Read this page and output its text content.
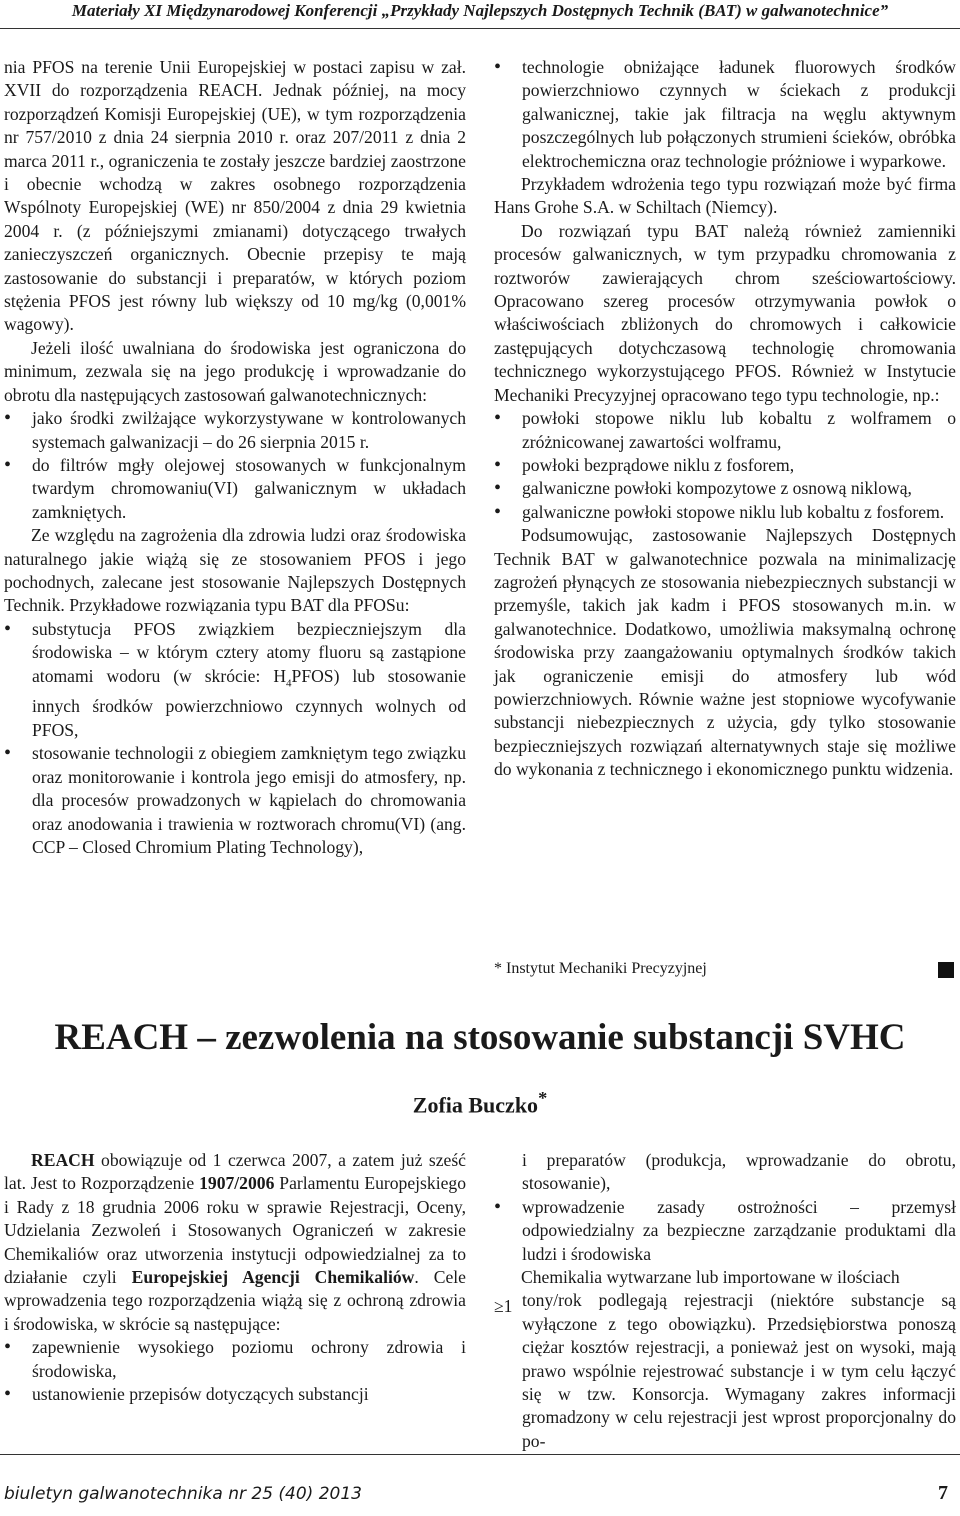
Materiały XI Międzynarodowej Konferencji „Przykłady Najlepszych Dostępnych Technik (BAT) w galwanotechnice”

nia PFOS na terenie Unii Europejskiej w postaci zapisu w zał. XVII do rozporządzenia REACH. Jednak później, na mocy rozporządzeń Komisji Europejskiej (UE), w tym rozporządzenia nr 757/2010 z dnia 24 sierpnia 2010 r. oraz 207/2011 z dnia 2 marca 2011 r., ograniczenia te zostały jeszcze bardziej zaostrzone i obecnie wchodzą w zakres osobnego rozporządzenia Wspólnoty Europejskiej (WE) nr 850/2004 z dnia 29 kwietnia 2004 r. (z późniejszymi zmianami) dotyczącego trwałych zanieczyszczeń organicznych. Obecnie przepisy te mają zastosowanie do substancji i preparatów, w których poziom stężenia PFOS jest równy lub większy od 10 mg/kg (0,001% wagowy).

Jeżeli ilość uwalniana do środowiska jest ograniczona do minimum, zezwala się na jego produkcję i wprowadzanie do obrotu dla następujących zastosowań galwanotechnicznych:

• jako środki zwilżające wykorzystywane w kontrolowanych systemach galwanizacji – do 26 sierpnia 2015 r.
• do filtrów mgły olejowej stosowanych w funkcjonalnym twardym chromowaniu(VI) galwanicznym w układach zamkniętych.

Ze względu na zagrożenia dla zdrowia ludzi oraz środowiska naturalnego jakie wiążą się ze stosowaniem PFOS i jego pochodnych, zalecane jest stosowanie Najlepszych Dostępnych Technik. Przykładowe rozwiązania typu BAT dla PFOSu:

• substytucja PFOS związkiem bezpieczniejszym dla środowiska – w którym cztery atomy fluoru są zastąpione atomami wodoru (w skrócie: $H_4PFOS$) lub stosowanie innych środków powierzchniowo czynnych wolnych od PFOS,
• stosowanie technologii z obiegiem zamkniętym tego związku oraz monitorowanie i kontrola jego emisji do atmosfery, np. dla procesów prowadzonych w kąpielach do chromowania oraz anodowania i trawienia w roztworach chromu(VI) (ang. CCP – Closed Chromium Plating Technology),
• technologie obniżające ładunek fluorowych środków powierzchniowo czynnych w ściekach z produkcji galwanicznej, takie jak filtracja na węglu aktywnym poszczególnych lub połączonych strumieni ścieków, obróbka elektrochemiczna oraz technologie próżniowe i wyparkowe.

Przykładem wdrożenia tego typu rozwiązań może być firma Hans Grohe S.A. w Schiltach (Niemcy).

Do rozwiązań typu BAT należą również zamienniki procesów galwanicznych, w tym przypadku chromowania z roztworów zawierających chrom sześciowartościowy. Opracowano szereg procesów otrzymywania powłok o właściwościach zbliżonych do chromowych i całkowicie zastępujących dotychczasową technologię chromowania technicznego wykorzystującego PFOS. Również w Instytucie Mechaniki Precyzyjnej opracowano tego typu technologie, np.:

• powłoki stopowe niklu lub kobaltu z wolframem o zróżnicowanej zawartości wolframu,
• powłoki bezprądowe niklu z fosforem,
• galwaniczne powłoki kompozytowe z osnową niklową,
• galwaniczne powłoki stopowe niklu lub kobaltu z fosforem.

Podsumowując, zastosowanie Najlepszych Dostępnych Technik BAT w galwanotechnice pozwala na minimalizację zagrożeń płynących ze stosowania niebezpiecznych substancji w przemyśle, takich jak kadm i PFOS stosowanych m.in. w galwanotechnice. Dodatkowo, umożliwia maksymalną ochronę środowiska przy zaangażowaniu optymalnych środków takich jak ograniczenie emisji do atmosfery lub wód powierzchniowych. Równie ważne jest stopniowe wycofywanie substancji niebezpiecznych z użycia, gdy tylko stosowanie bezpieczniejszych rozwiązań alternatywnych staje się możliwe do wykonania z technicznego i ekonomicznego punktu widzenia.

* Instytut Mechaniki Precyzyjnej
REACH – zezwolenia na stosowanie substancji SVHC
Zofia Buczko*

REACH obowiązuje od 1 czerwca 2007, a zatem już sześć lat. Jest to Rozporządzenie 1907/2006 Parlamentu Europejskiego i Rady z 18 grudnia 2006 roku w sprawie Rejestracji, Oceny, Udzielania Zezwoleń i Stosowanych Ograniczeń w zakresie Chemikaliów oraz utworzenia instytucji odpowiedzialnej za to działanie czyli Europejskiej Agencji Chemikaliów. Cele wprowadzenia tego rozporządzenia wiążą się z ochroną zdrowia i środowiska, w skrócie są następujące:

• zapewnienie wysokiego poziomu ochrony zdrowia i środowiska,
• ustanowienie przepisów dotyczących substancji

i preparatów (produkcja, wprowadzanie do obrotu, stosowanie),

• wprowadzenie zasady ostrożności – przemysł odpowiedzialny za bezpieczne zarządzanie produktami dla ludzi i środowiska

Chemikalia wytwarzane lub importowane w ilościach

tony/rok podlegają rejestracji (niektóre substancje są wyłączone z tego obowiązku). Przedsiębiorstwa ponoszą ciężar kosztów rejestracji, a ponieważ jest on wysoki, mają prawo wspólnie rejestrować substancje i w tym celu łączyć się w tzw. Konsorcja. Wymagany zakres informacji gromadzony w celu rejestracji jest wprost proporcjonalny do po-

≥1
biuletyn galwanotechnika nr 25 (40) 2013	7
